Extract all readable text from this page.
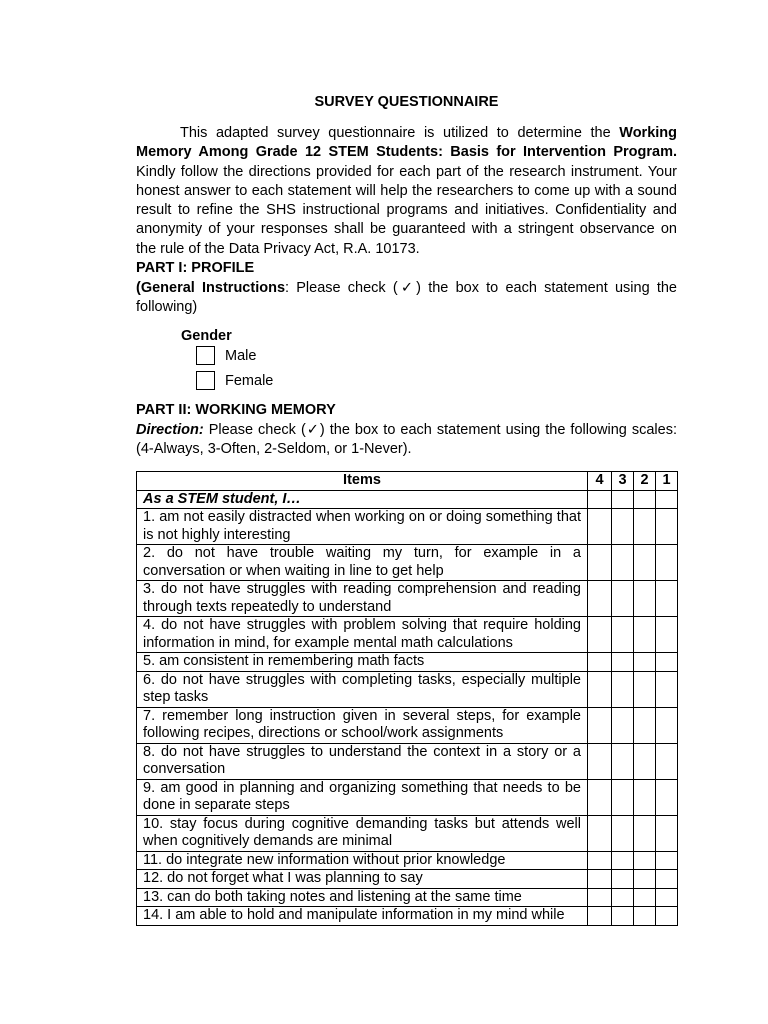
SURVEY QUESTIONNAIRE

This adapted survey questionnaire is utilized to determine the Working Memory Among Grade 12 STEM Students: Basis for Intervention Program. Kindly follow the directions provided for each part of the research instrument. Your honest answer to each statement will help the researchers to come up with a sound result to refine the SHS instructional programs and initiatives. Confidentiality and anonymity of your responses shall be guaranteed with a stringent observance on the rule of the Data Privacy Act, R.A. 10173.

PART I: PROFILE

(General Instructions: Please check (✓) the box to each statement using the following)

Gender
Male
Female
PART II: WORKING MEMORY

Direction: Please check (✓) the box to each statement using the following scales: (4-Always, 3-Often, 2-Seldom, or 1-Never).

Items	4	3	2	1
As a STEM student, I…				
1. am not easily distracted when working on or doing something that is not highly interesting				
2. do not have trouble waiting my turn, for example in a conversation or when waiting in line to get help				
3. do not have struggles with reading comprehension and reading through texts repeatedly to understand				
4. do not have struggles with problem solving that require holding information in mind, for example mental math calculations				
5. am consistent in remembering math facts				
6. do not have struggles with completing tasks, especially multiple step tasks				
7. remember long instruction given in several steps, for example following recipes, directions or school/work assignments				
8. do not have struggles to understand the context in a story or a conversation				
9. am good in planning and organizing something that needs to be done in separate steps				
10. stay focus during cognitive demanding tasks but attends well when cognitively demands are minimal				
11. do integrate new information without prior knowledge				
12. do not forget what I was planning to say				
13. can do both taking notes and listening at the same time				
14. I am able to hold and manipulate information in my mind while				
